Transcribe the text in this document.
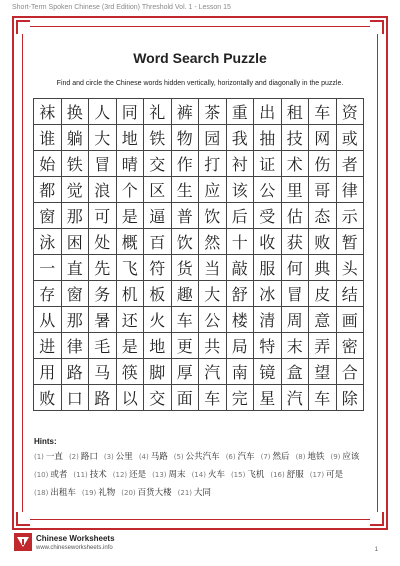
Short-Term Spoken Chinese (3rd Edition) Threshold Vol. 1 - Lesson 15
Word Search Puzzle
Find and circle the Chinese words hidden vertically, horizontally and diagonally in the puzzle.
袜 换 人 同 礼 裤 茶 重 出 租 车 资
谁 躺 大 地 铁 物 园 我 抽 技 网 或
始 铁 冒 晴 交 作 打 衬 证 术 伤 者
都 觉 浪 个 区 生 应 该 公 里 哥 律
窗 那 可 是 逼 普 饮 后 受 估 态 示
泳 困 处 概 百 饮 然 十 收 获 败 暂
一 直 先 飞 符 货 当 敲 服 何 典 头
存 窗 务 机 板 趣 大 舒 冰 冒 皮 结
从 那 暑 还 火 车 公 楼 清 周 意 画
进 律 毛 是 地 更 共 局 特 末 弄 密
用 路 马 筷 脚 厚 汽 南 镜 盒 望 合
败 口 路 以 交 面 车 完 星 汽 车 除
Hints:
(1) 一直 (2) 路口 (3) 公里 (4) 马路 (5) 公共汽车 (6) 汽车 (7) 然后 (8) 地铁 (9) 应该(10) 或者 (11) 技术 (12) 还是 (13) 周末 (14) 火车 (15) 飞机 (16) 舒服 (17) 可是(18) 出租车 (19) 礼物 (20) 百货大楼 (21) 大同
Chinese Worksheets
www.chineseworksheets.info	1
